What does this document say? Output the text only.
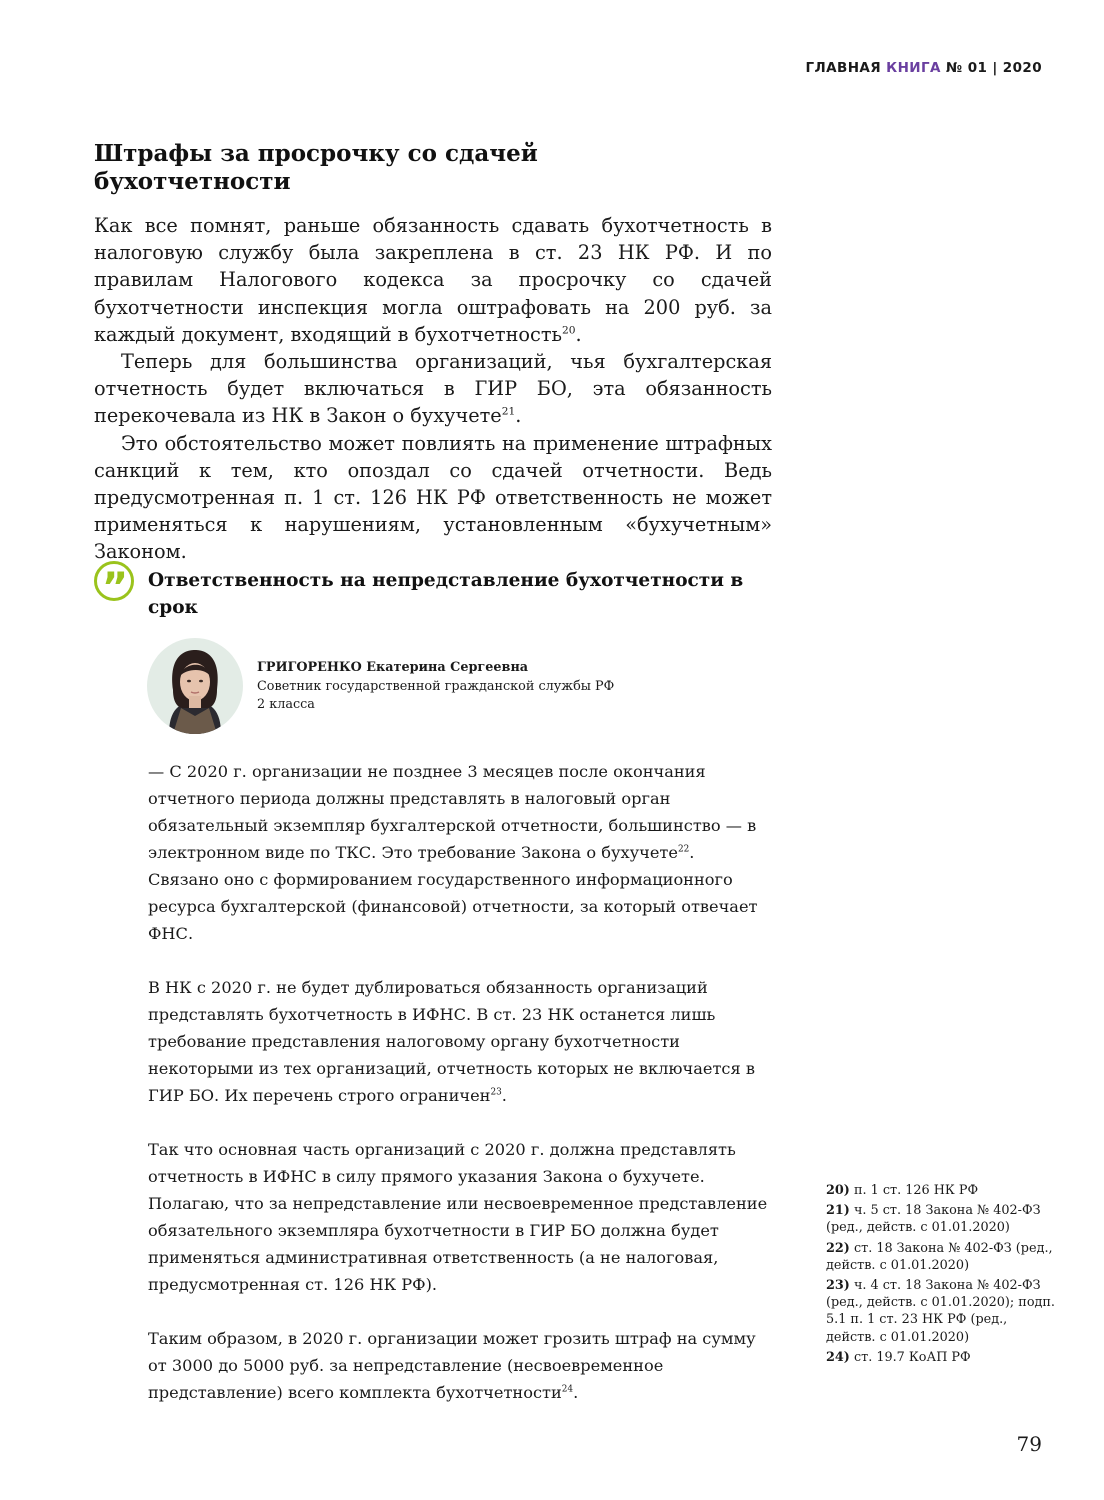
ГЛАВНАЯ КНИГА № 01 | 2020
Штрафы за просрочку со сдачей бухотчетности

Как все помнят, раньше обязанность сдавать бухотчетность в налоговую службу была закреплена в ст. 23 НК РФ. И по правилам Налогового кодекса за просрочку со сдачей бухотчетности инспекция могла оштрафовать на 200 руб. за каждый документ, входящий в бухотчетность$^{20}$.

Теперь для большинства организаций, чья бухгалтерская отчетность будет включаться в ГИР БО, эта обязанность перекочевала из НК в Закон о бухучете$^{21}$.

Это обстоятельство может повлиять на применение штрафных санкций к тем, кто опоздал со сдачей отчетности. Ведь предусмотренная п. 1 ст. 126 НК РФ ответственность не может применяться к нарушениям, установленным «бухучетным» Законом.

” Ответственность на непредставление бухотчетности в срок
ГРИГОРЕНКО Екатерина Сергеевна
Советник государственной гражданской службы РФ 2 класса

— С 2020 г. организации не позднее 3 месяцев после окончания отчетного периода должны представлять в налоговый орган обязательный экземпляр бухгалтерской отчетности, большинство — в электронном виде по ТКС. Это требование Закона о бухучете$^{22}$. Связано оно с формированием государственного информационного ресурса бухгалтерской (финансовой) отчетности, за который отвечает ФНС.

В НК с 2020 г. не будет дублироваться обязанность организаций представлять бухотчетность в ИФНС. В ст. 23 НК останется лишь требование представления налоговому органу бухотчетности некоторыми из тех организаций, отчетность которых не включается в ГИР БО. Их перечень строго ограничен$^{23}$.

Так что основная часть организаций с 2020 г. должна представлять отчетность в ИФНС в силу прямого указания Закона о бухучете. Полагаю, что за непредставление или несвоевременное представление обязательного экземпляра бухотчетности в ГИР БО должна будет применяться административная ответственность (а не налоговая, предусмотренная ст. 126 НК РФ).

Таким образом, в 2020 г. организации может грозить штраф на сумму от 3000 до 5000 руб. за непредставление (несвоевременное представление) всего комплекта бухотчетности$^{24}$.

20) п. 1 ст. 126 НК РФ
21) ч. 5 ст. 18 Закона № 402-ФЗ (ред., действ. с 01.01.2020)
22) ст. 18 Закона № 402-ФЗ (ред., действ. с 01.01.2020)
23) ч. 4 ст. 18 Закона № 402-ФЗ (ред., действ. с 01.01.2020); подп. 5.1 п. 1 ст. 23 НК РФ (ред., действ. с 01.01.2020)
24) ст. 19.7 КоАП РФ
79
